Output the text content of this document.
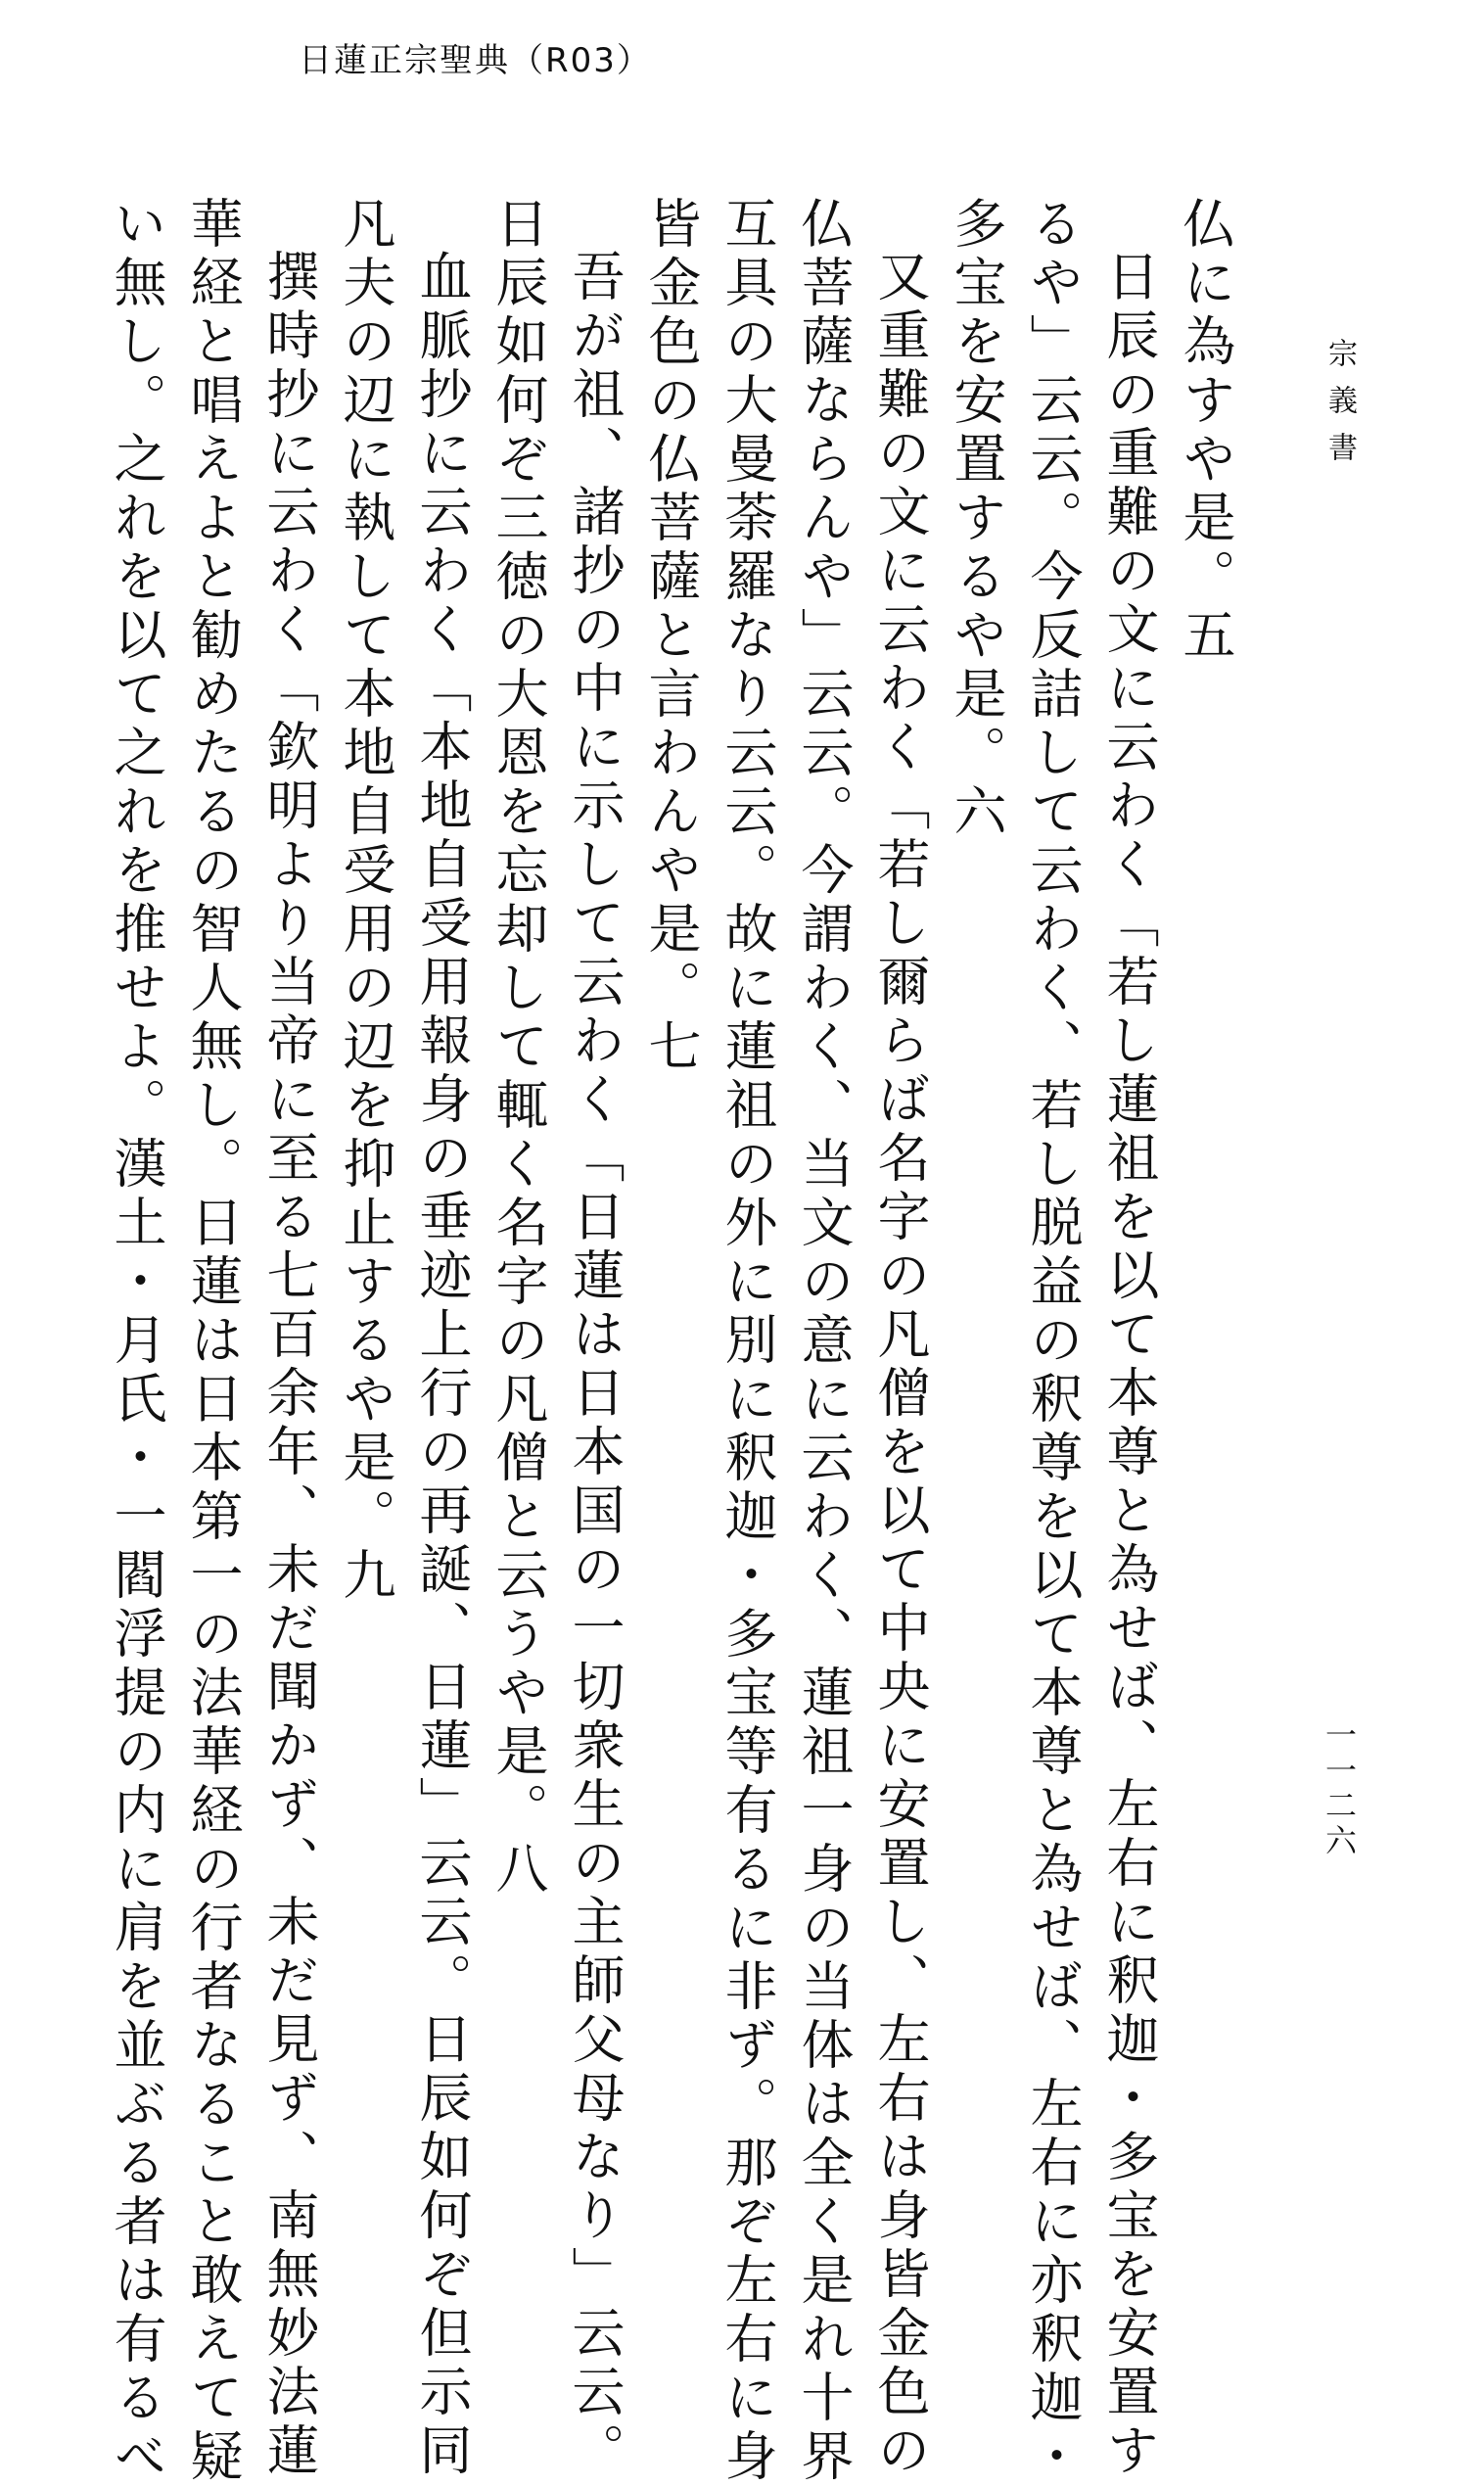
日蓮正宗聖典（R03）
宗義書
一一二六
仏に為すや是。五
日辰の重難の文に云わく「若し蓮祖を以て本尊と為せば、左右に釈迦・多宝を安置す
るや」云云。今反詰して云わく、若し脱益の釈尊を以て本尊と為せば、左右に亦釈迦・
多宝を安置するや是。六
又重難の文に云わく「若し爾らば名字の凡僧を以て中央に安置し、左右は身皆金色の
仏菩薩ならんや」云云。今謂わく、当文の意に云わく、蓮祖一身の当体は全く是れ十界
互具の大曼荼羅なり云云。故に蓮祖の外に別に釈迦・多宝等有るに非ず。那ぞ左右に身
皆金色の仏菩薩と言わんや是。七
吾が祖、諸抄の中に示して云わく「日蓮は日本国の一切衆生の主師父母なり」云云。
日辰如何ぞ三徳の大恩を忘却して輒く名字の凡僧と云うや是。八
血脈抄に云わく「本地自受用報身の垂迹上行の再誕、日蓮」云云。日辰如何ぞ但示同
凡夫の辺に執して本地自受用の辺を抑止するや是。九
撰時抄に云わく「欽明より当帝に至る七百余年、未だ聞かず、未だ見ず、南無妙法蓮
華経と唱えよと勧めたるの智人無し。日蓮は日本第一の法華経の行者なること敢えて疑
い無し。之れを以て之れを推せよ。漢土・月氏・一閻浮提の内に肩を並ぶる者は有るべ
